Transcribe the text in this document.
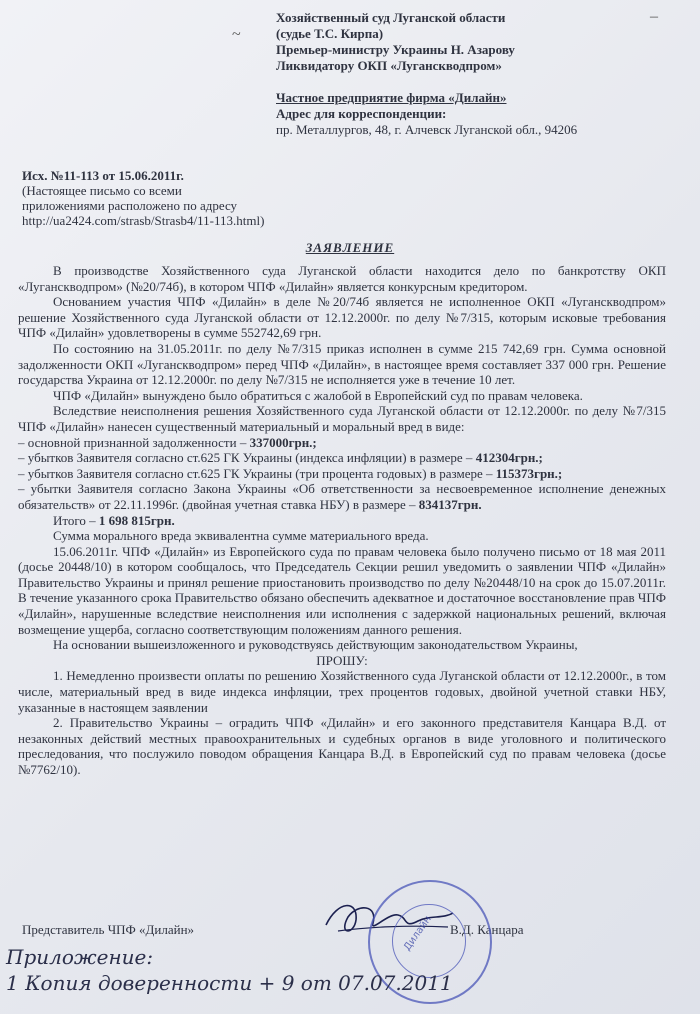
~
–
Хозяйственный суд Луганской области
(судье Т.С. Кирпа)
Премьер-министру Украины Н. Азарову
Ликвидатору ОКП «Луганскводпром»
Частное предприятие фирма «Дилайн»
Адрес для корреспонденции:
пр. Металлургов, 48, г. Алчевск Луганской обл., 94206
Исх. №11-113 от 15.06.2011г.
(Настоящее письмо со всеми
приложениями расположено по адресу
http://ua2424.com/strasb/Strasb4/11-113.html)
ЗАЯВЛЕНИЕ

В производстве Хозяйственного суда Луганской области находится дело по банкротству ОКП «Луганскводпром» (№20/74б), в котором ЧПФ «Дилайн» является конкурсным кредитором.

Основанием участия ЧПФ «Дилайн» в деле №20/74б является не исполненное ОКП «Луганскводпром» решение Хозяйственного суда Луганской области от 12.12.2000г. по делу №7/315, которым исковые требования ЧПФ «Дилайн» удовлетворены в сумме 552742,69 грн.

По состоянию на 31.05.2011г. по делу №7/315 приказ исполнен в сумме 215 742,69 грн. Сумма основной задолженности ОКП «Луганскводпром» перед ЧПФ «Дилайн», в настоящее время составляет 337 000 грн. Решение государства Украина от 12.12.2000г. по делу №7/315 не исполняется уже в течение 10 лет.

ЧПФ «Дилайн» вынуждено было обратиться с жалобой в Европейский суд по правам человека.

Вследствие неисполнения решения Хозяйственного суда Луганской области от 12.12.2000г. по делу №7/315 ЧПФ «Дилайн» нанесен существенный материальный и моральный вред в виде:

– основной признанной задолженности – 337000грн.;

– убытков Заявителя согласно ст.625 ГК Украины (индекса инфляции) в размере – 412304грн.;

– убытков Заявителя согласно ст.625 ГК Украины (три процента годовых) в размере – 115373грн.;

– убытки Заявителя согласно Закона Украины «Об ответственности за несвоевременное исполнение денежных обязательств» от 22.11.1996г. (двойная учетная ставка НБУ) в размере – 834137грн.

Итого – 1 698 815грн.

Сумма морального вреда эквивалентна сумме материального вреда.

15.06.2011г. ЧПФ «Дилайн» из Европейского суда по правам человека было получено письмо от 18 мая 2011 (досье 20448/10) в котором сообщалось, что Председатель Секции решил уведомить о заявлении ЧПФ «Дилайн» Правительство Украины и принял решение приостановить производство по делу №20448/10 на срок до 15.07.2011г. В течение указанного срока Правительство обязано обеспечить адекватное и достаточное восстановление прав ЧПФ «Дилайн», нарушенные вследствие неисполнения или исполнения с задержкой национальных решений, включая возмещение ущерба, согласно соответствующим положениям данного решения.

На основании вышеизложенного и руководствуясь действующим законодательством Украины,

ПРОШУ:

1. Немедленно произвести оплаты по решению Хозяйственного суда Луганской области от 12.12.2000г., в том числе, материальный вред в виде индекса инфляции, трех процентов годовых, двойной учетной ставки НБУ, указанные в настоящем заявлении

2. Правительство Украины – оградить ЧПФ «Дилайн» и его законного представителя Канцара В.Д. от незаконных действий местных правоохранительных и судебных органов в виде уголовного и политического преследования, что послужило поводом обращения Канцара В.Д. в Европейский суд по правам человека (досье №7762/10).

Представитель ЧПФ «Дилайн»	В.Д. Канцара
Дилайн
Приложение:
1 Копия доверенности + 9 от 07.07.2011
